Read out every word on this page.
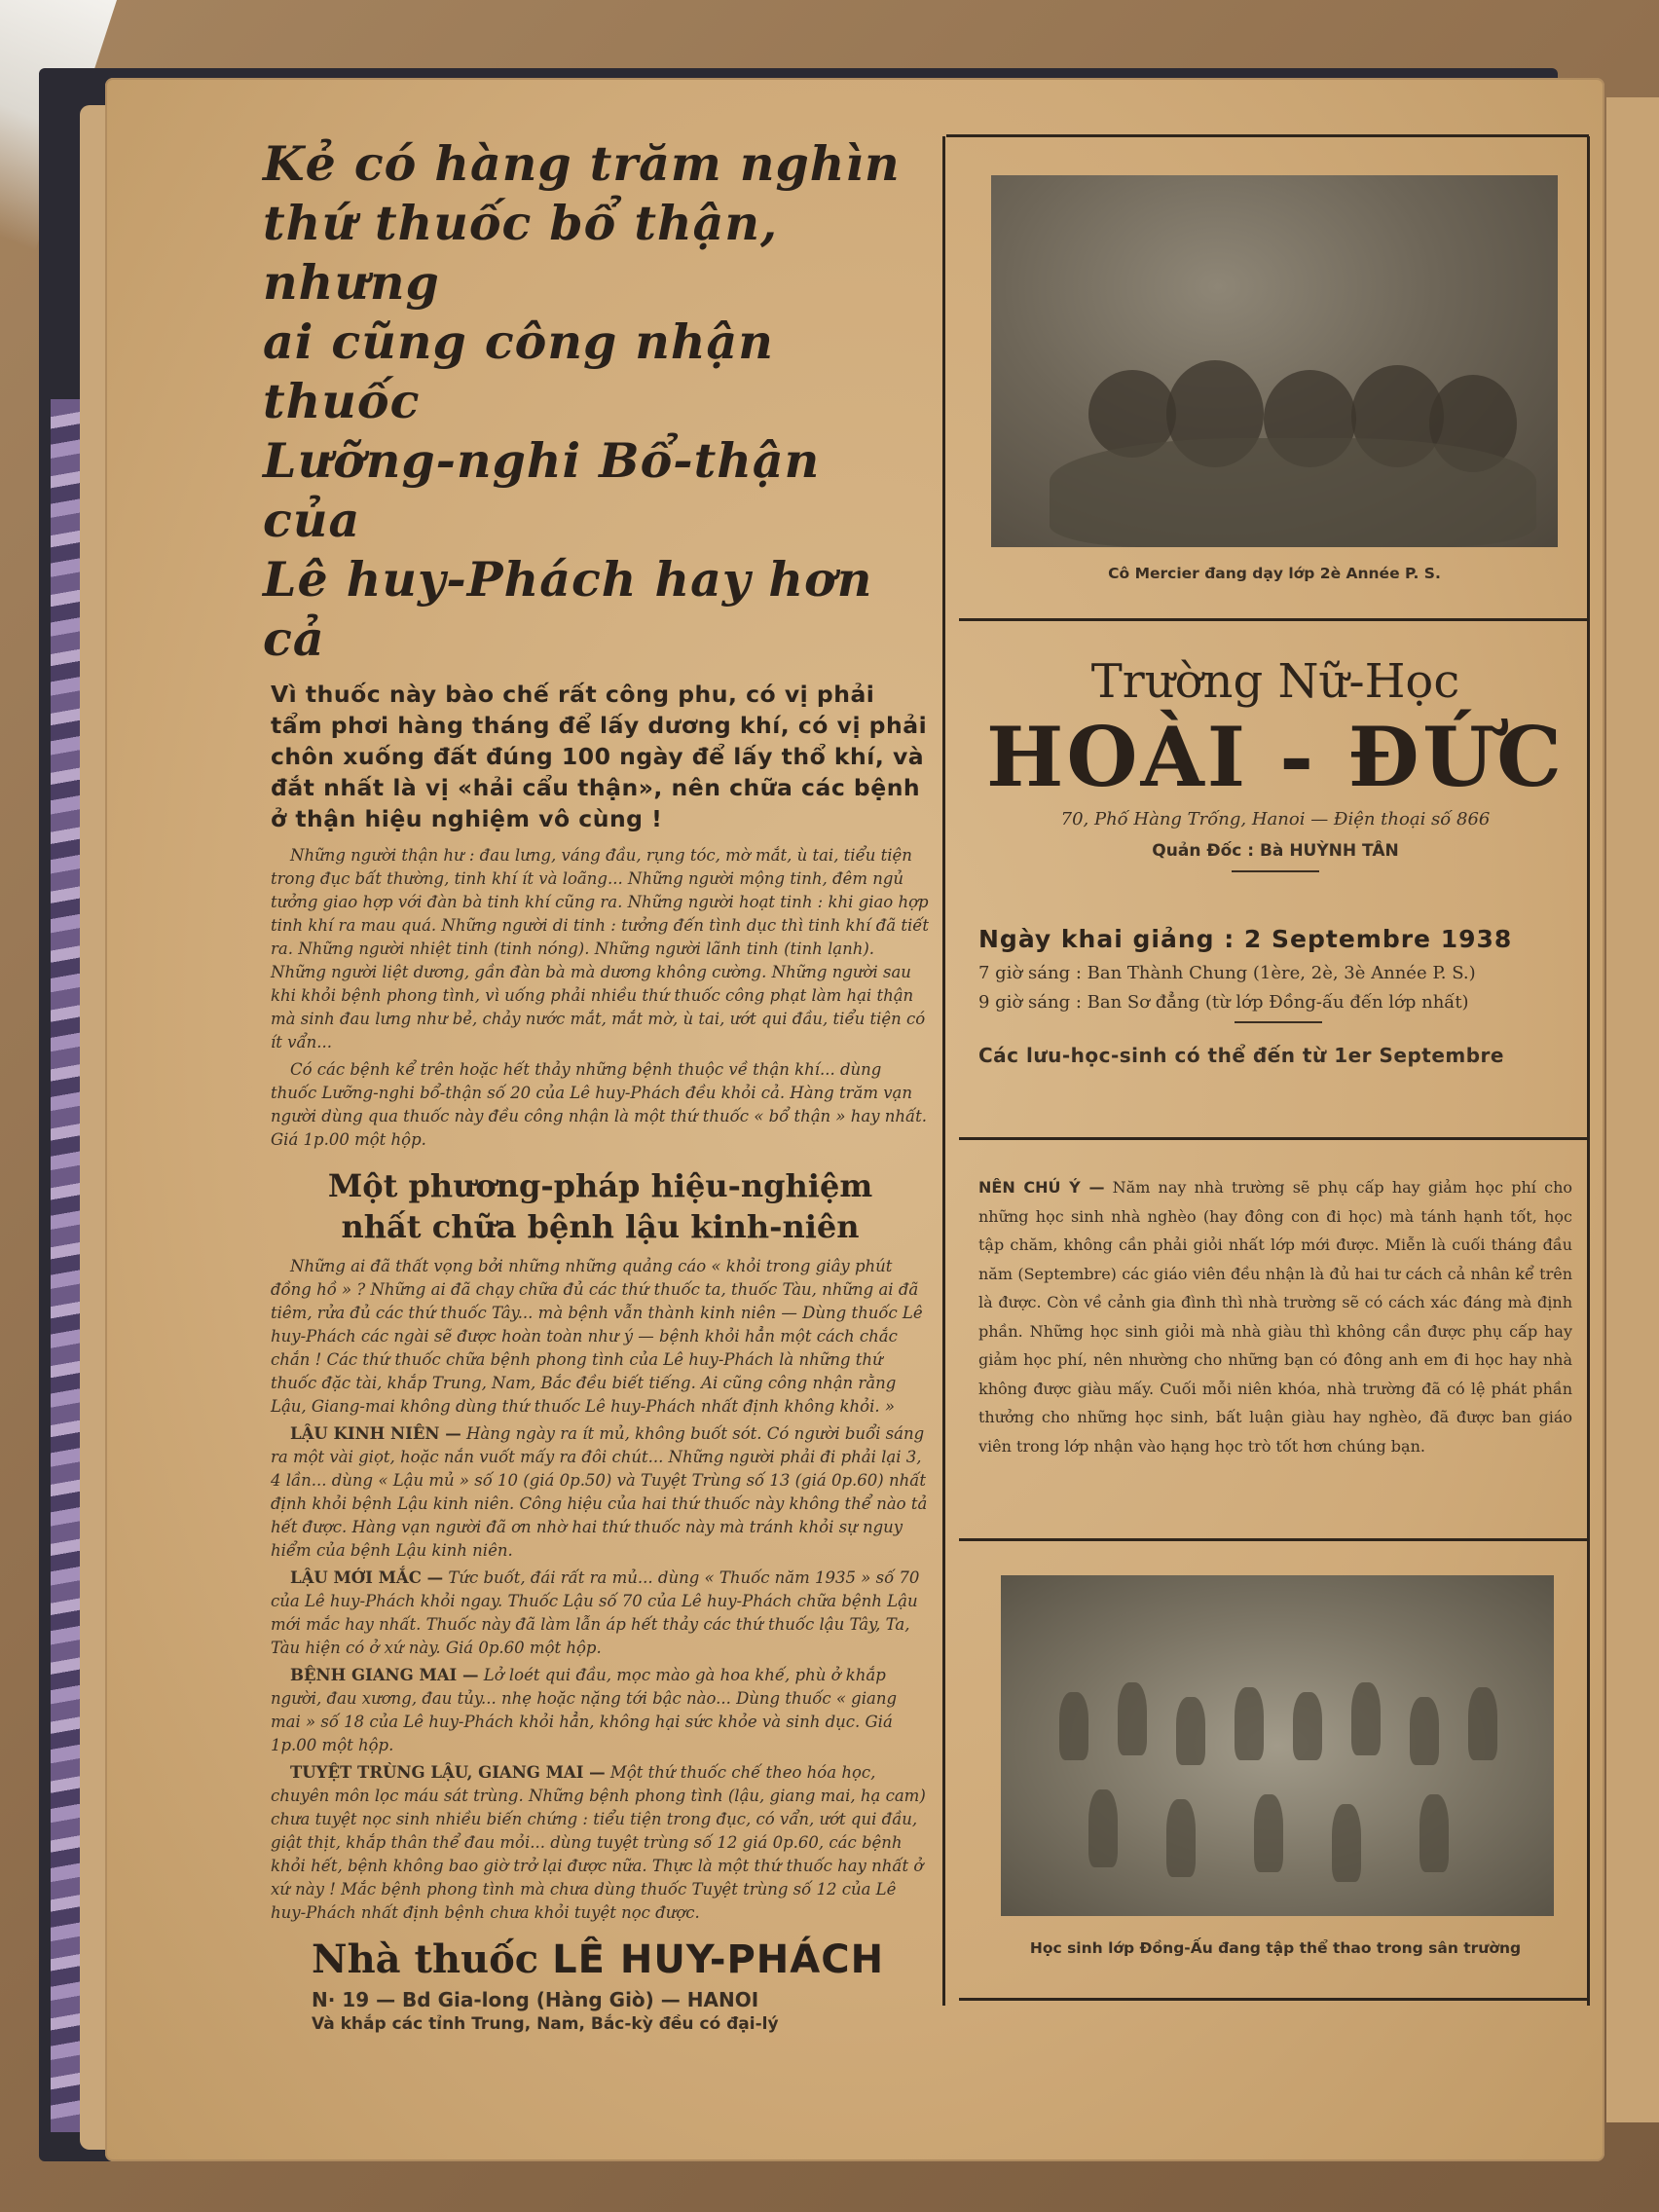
Kẻ có hàng trăm nghìn
thứ thuốc bổ thận, nhưng
ai cũng công nhận thuốc
Lưỡng-nghi Bổ-thận của
Lê huy-Phách hay hơn cả
Vì thuốc này bào chế rất công phu, có vị phải tẩm phơi hàng tháng để lấy dương khí, có vị phải chôn xuống đất đúng 100 ngày để lấy thổ khí, và đắt nhất là vị «hải cẩu thận», nên chữa các bệnh ở thận hiệu nghiệm vô cùng !

Những người thận hư : đau lưng, váng đầu, rụng tóc, mờ mắt, ù tai, tiểu tiện trong đục bất thường, tinh khí ít và loãng... Những người mộng tinh, đêm ngủ tưởng giao hợp với đàn bà tinh khí cũng ra. Những người hoạt tinh : khi giao hợp tinh khí ra mau quá. Những người di tinh : tưởng đến tình dục thì tinh khí đã tiết ra. Những người nhiệt tinh (tinh nóng). Những người lãnh tinh (tinh lạnh). Những người liệt dương, gần đàn bà mà dương không cường. Những người sau khi khỏi bệnh phong tình, vì uống phải nhiều thứ thuốc công phạt làm hại thận mà sinh đau lưng như bẻ, chảy nước mắt, mắt mờ, ù tai, ướt qui đầu, tiểu tiện có ít vẩn...

Có các bệnh kể trên hoặc hết thảy những bệnh thuộc về thận khí... dùng thuốc Lưỡng-nghi bổ-thận số 20 của Lê huy-Phách đều khỏi cả. Hàng trăm vạn người dùng qua thuốc này đều công nhận là một thứ thuốc « bổ thận » hay nhất. Giá 1p.00 một hộp.

Một phương-pháp hiệu-nghiệm
nhất chữa bệnh lậu kinh-niên

Những ai đã thất vọng bởi những những quảng cáo « khỏi trong giây phút đồng hồ » ? Những ai đã chạy chữa đủ các thứ thuốc ta, thuốc Tàu, những ai đã tiêm, rửa đủ các thứ thuốc Tây... mà bệnh vẫn thành kinh niên — Dùng thuốc Lê huy-Phách các ngài sẽ được hoàn toàn như ý — bệnh khỏi hẳn một cách chắc chắn ! Các thứ thuốc chữa bệnh phong tình của Lê huy-Phách là những thứ thuốc đặc tài, khắp Trung, Nam, Bắc đều biết tiếng. Ai cũng công nhận rằng Lậu, Giang-mai không dùng thứ thuốc Lê huy-Phách nhất định không khỏi. »

LẬU KINH NIÊN — Hàng ngày ra ít mủ, không buốt sót. Có người buổi sáng ra một vài giọt, hoặc nắn vuốt mấy ra đôi chút... Những người phải đi phải lại 3, 4 lần... dùng « Lậu mủ » số 10 (giá 0p.50) và Tuyệt Trùng số 13 (giá 0p.60) nhất định khỏi bệnh Lậu kinh niên. Công hiệu của hai thứ thuốc này không thể nào tả hết được. Hàng vạn người đã ơn nhờ hai thứ thuốc này mà tránh khỏi sự nguy hiểm của bệnh Lậu kinh niên.

LẬU MỚI MẮC — Tức buốt, đái rất ra mủ... dùng « Thuốc năm 1935 » số 70 của Lê huy-Phách khỏi ngay. Thuốc Lậu số 70 của Lê huy-Phách chữa bệnh Lậu mới mắc hay nhất. Thuốc này đã làm lẫn áp hết thảy các thứ thuốc lậu Tây, Ta, Tàu hiện có ở xứ này. Giá 0p.60 một hộp.

BỆNH GIANG MAI — Lở loét qui đầu, mọc mào gà hoa khế, phù ở khắp người, đau xương, đau tủy... nhẹ hoặc nặng tới bậc nào... Dùng thuốc « giang mai » số 18 của Lê huy-Phách khỏi hẳn, không hại sức khỏe và sinh dục. Giá 1p.00 một hộp.

TUYỆT TRÙNG LẬU, GIANG MAI — Một thứ thuốc chế theo hóa học, chuyên môn lọc máu sát trùng. Những bệnh phong tình (lậu, giang mai, hạ cam) chưa tuyệt nọc sinh nhiều biến chứng : tiểu tiện trong đục, có vẩn, ướt qui đầu, giật thịt, khắp thân thể đau mỏi... dùng tuyệt trùng số 12 giá 0p.60, các bệnh khỏi hết, bệnh không bao giờ trở lại được nữa. Thực là một thứ thuốc hay nhất ở xứ này ! Mắc bệnh phong tình mà chưa dùng thuốc Tuyệt trùng số 12 của Lê huy-Phách nhất định bệnh chưa khỏi tuyệt nọc được.

Nhà thuốc LÊ HUY-PHÁCH
N· 19 — Bd Gia-long (Hàng Giò) — HANOI
Và khắp các tỉnh Trung, Nam, Bắc-kỳ đều có đại-lý
Cô Mercier đang dạy lớp 2è Année P. S.
Trường Nữ-Học
HOÀI - ĐỨC
70, Phố Hàng Trống, Hanoi — Điện thoại số 866
Quản Đốc : Bà HUỲNH TÂN
Ngày khai giảng : 2 Septembre 1938
7 giờ sáng : Ban Thành Chung (1ère, 2è, 3è Année P. S.)
9 giờ sáng : Ban Sơ đẳng (từ lớp Đồng-ấu đến lớp nhất)
Các lưu-học-sinh có thể đến từ 1er Septembre
NÊN CHÚ Ý — Năm nay nhà trường sẽ phụ cấp hay giảm học phí cho những học sinh nhà nghèo (hay đông con đi học) mà tánh hạnh tốt, học tập chăm, không cần phải giỏi nhất lớp mới được. Miễn là cuối tháng đầu năm (Septembre) các giáo viên đều nhận là đủ hai tư cách cả nhân kể trên là được. Còn về cảnh gia đình thì nhà trường sẽ có cách xác đáng mà định phần. Những học sinh giỏi mà nhà giàu thì không cần được phụ cấp hay giảm học phí, nên nhường cho những bạn có đông anh em đi học hay nhà không được giàu mấy. Cuối mỗi niên khóa, nhà trường đã có lệ phát phần thưởng cho những học sinh, bất luận giàu hay nghèo, đã được ban giáo viên trong lớp nhận vào hạng học trò tốt hơn chúng bạn.
Học sinh lớp Đồng-Ấu đang tập thể thao trong sân trường
